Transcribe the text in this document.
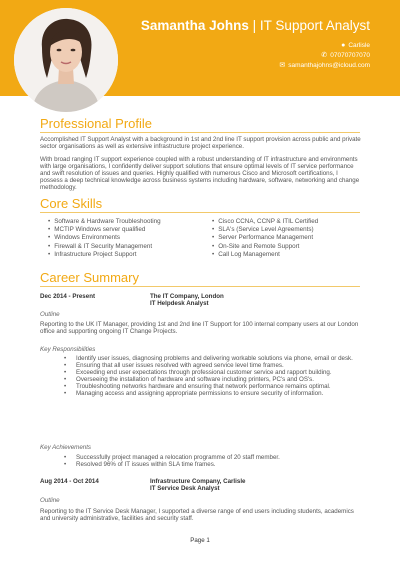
Samantha Johns | IT Support Analyst
● Carlisle
✆ 07070707070
✉ samanthajohns@icloud.com
Professional Profile

Accomplished IT Support Analyst with a background in 1st and 2nd line IT support provision across public and private sector organisations as well as extensive infrastructure project experience.

With broad ranging IT support experience coupled with a robust understanding of IT infrastructure and environments with large organisations, I confidently deliver support solutions that ensure optimal levels of IT service performance and swift resolution of issues and queries. Highly qualified with numerous Cisco and Microsoft certifications, I possess a deep technical knowledge across business systems including hardware, software, networking and change methodology.

Core Skills
• Software & Hardware Troubleshooting	• Cisco CCNA, CCNP & ITIL Certified
• MCTIP Windows server qualified	• SLA's (Service Level Agreements)
• Windows Environments	• Server Performance Management
• Firewall & IT Security Management	• On-Site and Remote Support
• Infrastructure Project Support	• Call Log Management
Career Summary
Dec 2014 - Present	The IT Company, London
IT Helpdesk Analyst
Outline

Reporting to the UK IT Manager, providing 1st and 2nd line IT Support for 100 internal company users at our London office and supporting ongoing IT Change Projects.

Key Responsibilities
• Identify user issues, diagnosing problems and delivering workable solutions via phone, email or desk.
• Ensuring that all user issues resolved with agreed service level time frames.
• Exceeding end user expectations through professional customer service and rapport building.
• Overseeing the installation of hardware and software including printers, PC's and OS's.
• Troubleshooting networks hardware and ensuring that network performance remains optimal.
• Managing access and assigning appropriate permissions to ensure security of information.
Key Achievements
• Successfully project managed a relocation programme of 20 staff member.
• Resolved 96% of IT issues within SLA time frames.
Aug 2014 - Oct 2014	Infrastructure Company, Carlisle
IT Service Desk Analyst
Outline

Reporting to the IT Service Desk Manager, I supported a diverse range of end users including students, academics and university administrative, facilities and security staff.

Page 1
